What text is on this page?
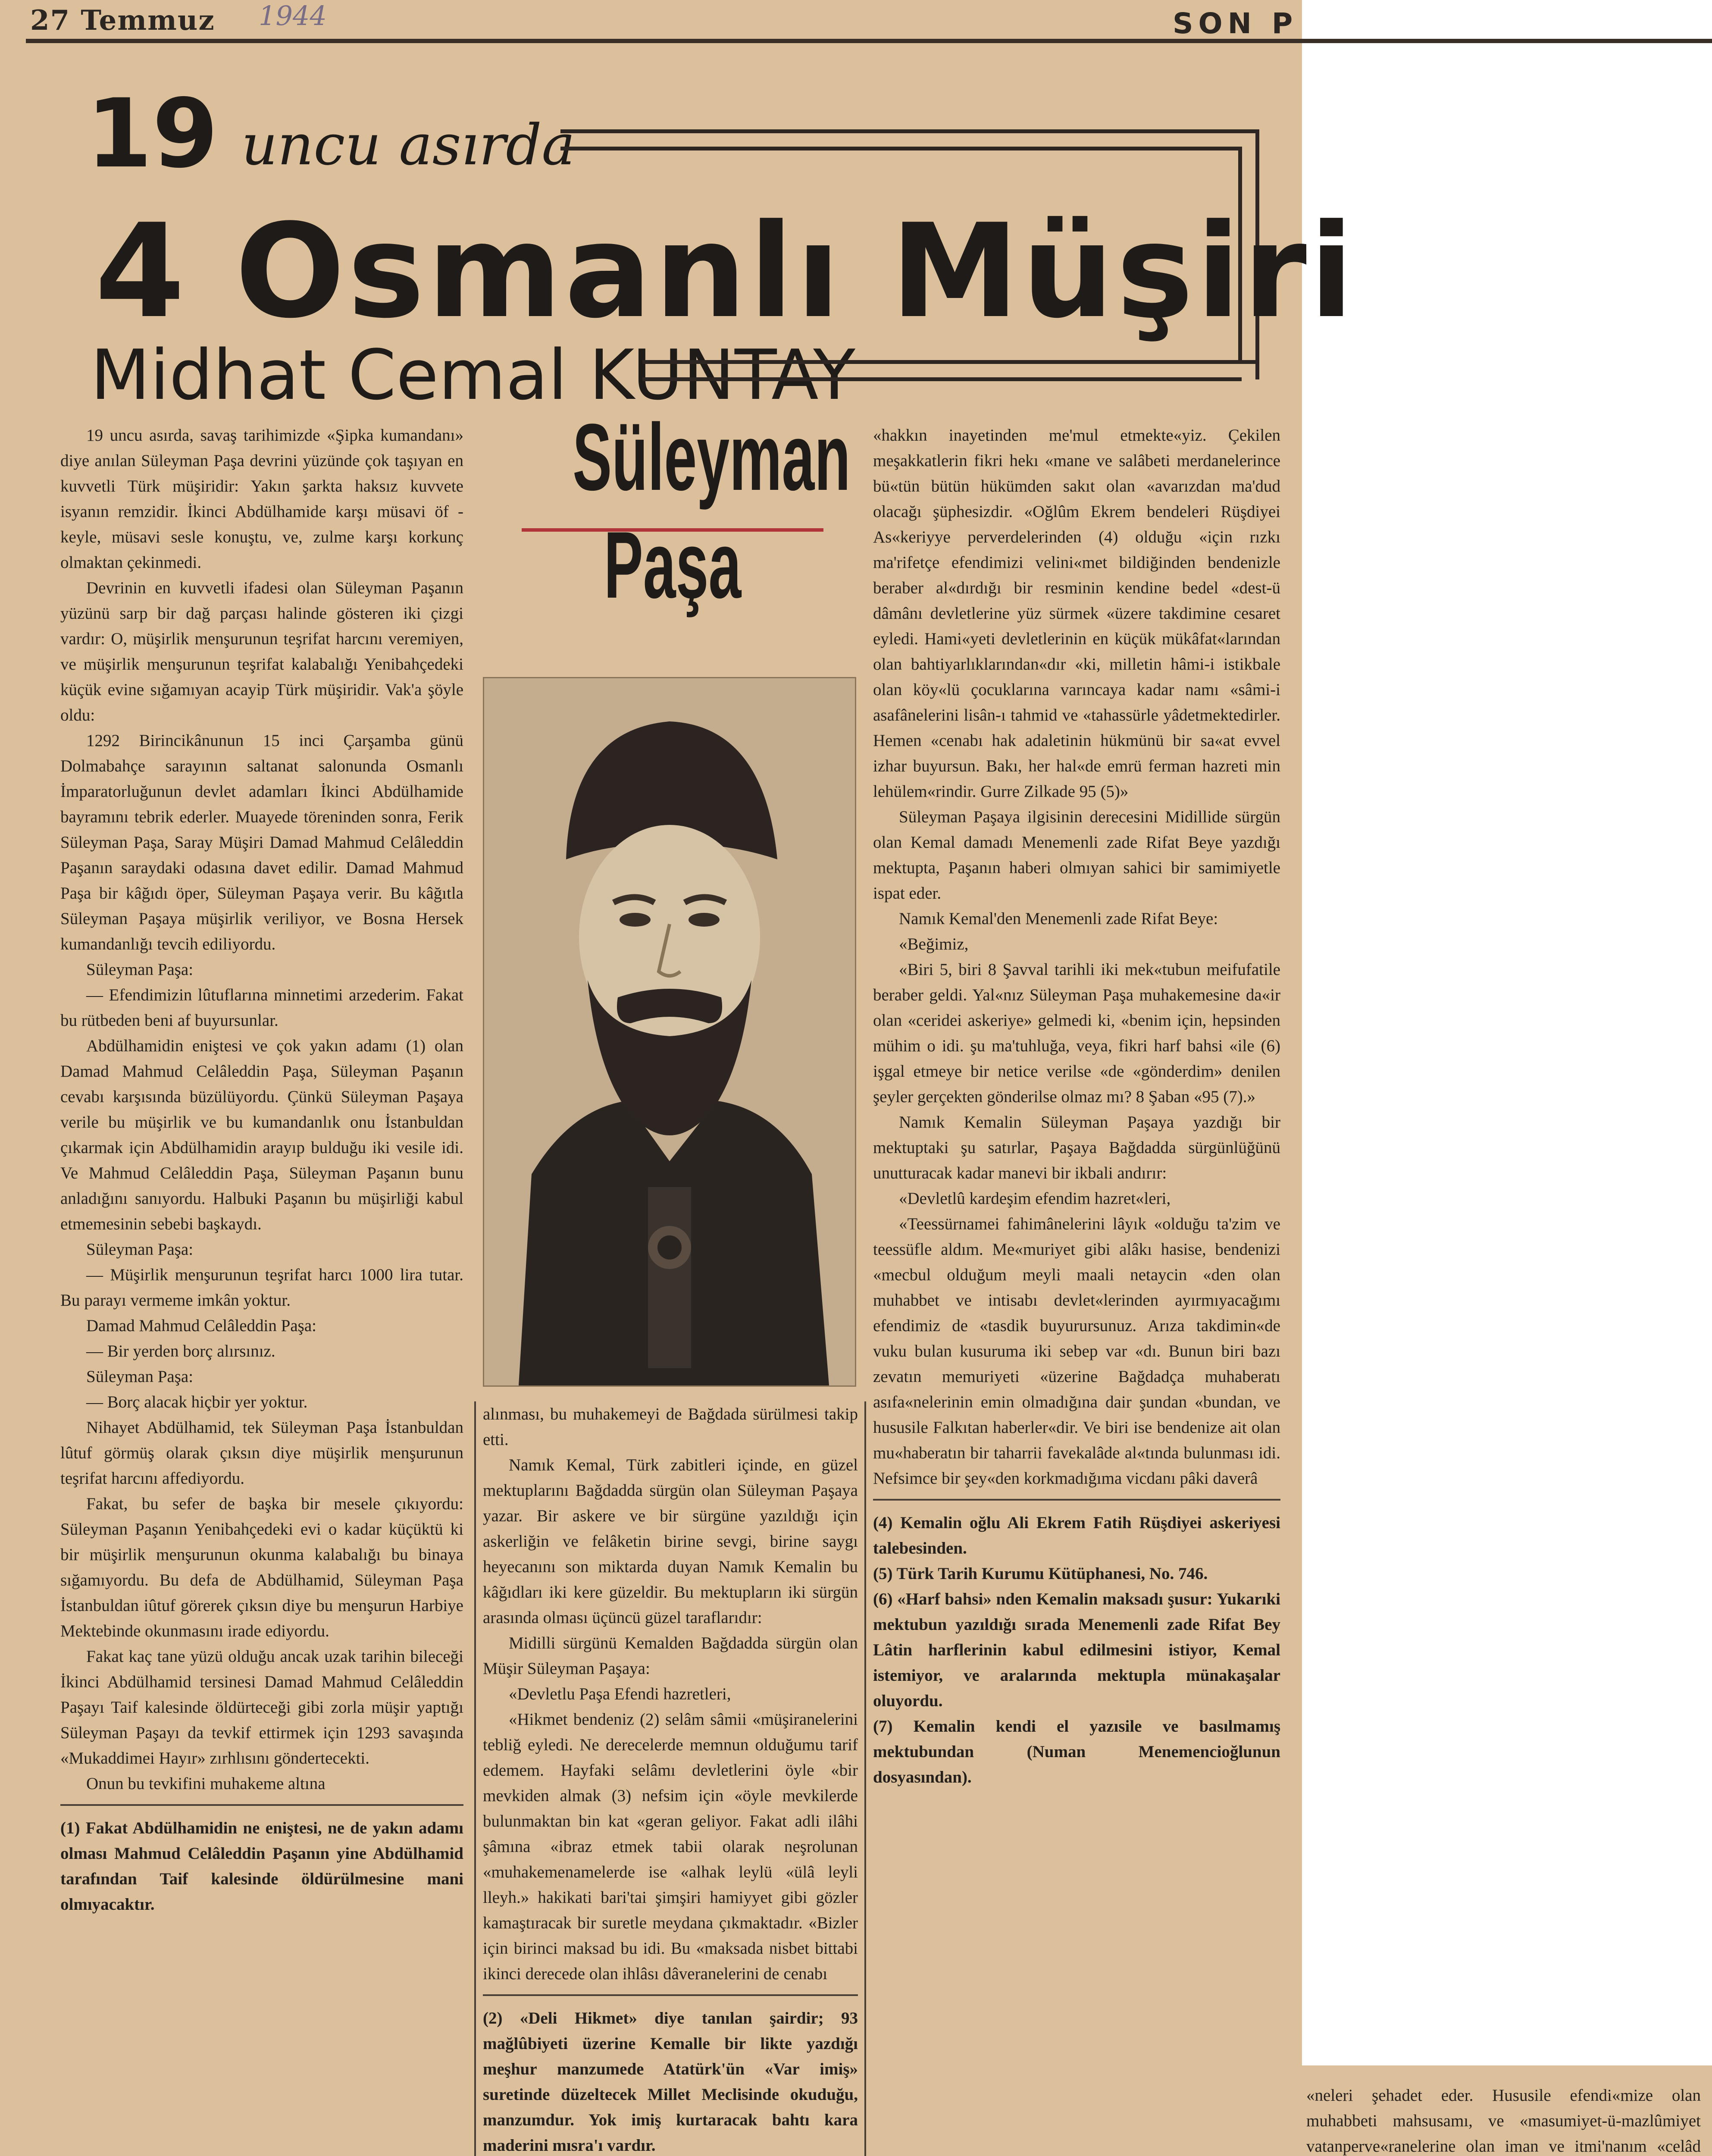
27 Temmuz 1944	SON P
19 uncu asırda
4 Osmanlı Müşiri
Midhat Cemal KUNTAY
Süleyman
Paşa

19 uncu asırda, savaş tarihimizde «Şipka kumandanı» diye anılan Süleyman Paşa devrini yüzünde çok taşıyan en kuvvetli Türk müşiridir: Yakın şarkta haksız kuvvete isyanın remzidir. İkinci Abdülhamide karşı müsavi öf - keyle, müsavi sesle konuştu, ve, zulme karşı korkunç olmaktan çekinmedi.

Devrinin en kuvvetli ifadesi olan Süleyman Paşanın yüzünü sarp bir dağ parçası halinde gösteren iki çizgi vardır: O, müşirlik menşurunun teşrifat harcını veremiyen, ve müşirlik menşurunun teşrifat kalabalığı Yenibahçedeki küçük evine sığamıyan acayip Türk müşiridir. Vak'a şöyle oldu:

1292 Birincikânunun 15 inci Çarşamba günü Dolmabahçe sarayının saltanat salonunda Osmanlı İmparatorluğunun devlet adamları İkinci Abdülhamide bayramını tebrik ederler. Muayede töreninden sonra, Ferik Süleyman Paşa, Saray Müşiri Damad Mahmud Celâleddin Paşanın saraydaki odasına davet edilir. Damad Mahmud Paşa bir kâğıdı öper, Süleyman Paşaya verir. Bu kâğıtla Süleyman Paşaya müşirlik veriliyor, ve Bosna Hersek kumandanlığı tevcih ediliyordu.

Süleyman Paşa:

— Efendimizin lûtuflarına minnetimi arzederim. Fakat bu rütbeden beni af buyursunlar.

Abdülhamidin eniştesi ve çok yakın adamı (1) olan Damad Mahmud Celâleddin Paşa, Süleyman Paşanın cevabı karşısında büzülüyordu. Çünkü Süleyman Paşaya verile bu müşirlik ve bu kumandanlık onu İstanbuldan çıkarmak için Abdülhamidin arayıp bulduğu iki vesile idi. Ve Mahmud Celâleddin Paşa, Süleyman Paşanın bunu anladığını sanıyordu. Halbuki Paşanın bu müşirliği kabul etmemesinin sebebi başkaydı.

Süleyman Paşa:

— Müşirlik menşurunun teşrifat harcı 1000 lira tutar. Bu parayı vermeme imkân yoktur.

Damad Mahmud Celâleddin Paşa:

— Bir yerden borç alırsınız.

Süleyman Paşa:

— Borç alacak hiçbir yer yoktur.

Nihayet Abdülhamid, tek Süleyman Paşa İstanbuldan lûtuf görmüş olarak çıksın diye müşirlik menşurunun teşrifat harcını affediyordu.

Fakat, bu sefer de başka bir mesele çıkıyordu: Süleyman Paşanın Yenibahçedeki evi o kadar küçüktü ki bir müşirlik menşurunun okunma kalabalığı bu binaya sığamıyordu. Bu defa de Abdülhamid, Süleyman Paşa İstanbuldan iûtuf görerek çıksın diye bu menşurun Harbiye Mektebinde okunmasını irade ediyordu.

Fakat kaç tane yüzü olduğu ancak uzak tarihin bileceği İkinci Abdülhamid tersinesi Damad Mahmud Celâleddin Paşayı Taif kalesinde öldürteceği gibi zorla müşir yaptığı Süleyman Paşayı da tevkif ettirmek için 1293 savaşında «Mukaddimei Hayır» zırhlısını göndertecekti.

Onun bu tevkifini muhakeme altına

(1) Fakat Abdülhamidin ne eniştesi, ne de yakın adamı olması Mahmud Celâleddin Paşanın yine Abdülhamid tarafından Taif kalesinde öldürülmesine mani olmıyacaktır.

alınması, bu muhakemeyi de Bağdada sürülmesi takip etti.

Namık Kemal, Türk zabitleri içinde, en güzel mektuplarını Bağdadda sürgün olan Süleyman Paşaya yazar. Bir askere ve bir sürgüne yazıldığı için askerliğin ve felâketin birine sevgi, birine saygı heyecanını son miktarda duyan Namık Kemalin bu kâğıdları iki kere güzeldir. Bu mektupların iki sürgün arasında olması üçüncü güzel taraflarıdır:

Midilli sürgünü Kemalden Bağdadda sürgün olan Müşir Süleyman Paşaya:

«Devletlu Paşa Efendi hazretleri,

«Hikmet bendeniz (2) selâm sâmii «müşiranelerini tebliğ eyledi. Ne derecelerde memnun olduğumu tarif edemem. Hayfaki selâmı devletlerini öyle «bir mevkiden almak (3) nefsim için «öyle mevkilerde bulunmaktan bin kat «geran geliyor. Fakat adli ilâhi şâmına «ibraz etmek tabii olarak neşrolunan «muhakemenamelerde ise «alhak leylü «ülâ leyli lleyh.» hakikati bari'tai şimşiri hamiyyet gibi gözler kamaştıracak bir suretle meydana çıkmaktadır. «Bizler için birinci maksad bu idi. Bu «maksada nisbet bittabi ikinci derecede olan ihlâsı dâveranelerini de cenabı

(2) «Deli Hikmet» diye tanılan şairdir; 93 mağlûbiyeti üzerine Kemalle bir likte yazdığı meşhur manzumede Atatürk'ün «Var imiş» suretinde düzeltecek Millet Meclisinde okuduğu, manzumdur. Yok imiş kurtaracak bahtı kara maderini mısra'ı vardır.

«hakkın inayetinden me'mul etmekte«yiz. Çekilen meşakkatlerin fikri hekı «mane ve salâbeti merdanelerince bü«tün bütün hükümden sakıt olan «avarızdan ma'dud olacağı şüphesizdir. «Oğlûm Ekrem bendeleri Rüşdiyei As«keriyye perverdelerinden (4) olduğu «için rızkı ma'rifetçe efendimizi velini«met bildiğinden bendenizle beraber al«dırdığı bir resminin kendine bedel «dest-ü dâmânı devletlerine yüz sürmek «üzere takdimine cesaret eyledi. Hami«yeti devletlerinin en küçük mükâfat«larından olan bahtiyarlıklarından«dır «ki, milletin hâmi-i istikbale olan köy«lü çocuklarına varıncaya kadar namı «sâmi-i asafânelerini lisân-ı tahmid ve «tahassürle yâdetmektedirler. Hemen «cenabı hak adaletinin hükmünü bir sa«at evvel izhar buyursun. Bakı, her hal«de emrü ferman hazreti min lehülem«rindir. Gurre Zilkade 95 (5)»

Süleyman Paşaya ilgisinin derecesini Midillide sürgün olan Kemal damadı Menemenli zade Rifat Beye yazdığı mektupta, Paşanın haberi olmıyan sahici bir samimiyetle ispat eder.

Namık Kemal'den Menemenli zade Rifat Beye:

«Beğimiz,

«Biri 5, biri 8 Şavval tarihli iki mek«tubun meifufatile beraber geldi. Yal«nız Süleyman Paşa muhakemesine da«ir olan «ceridei askeriye» gelmedi ki, «benim için, hepsinden mühim o idi. şu ma'tuhluğa, veya, fikri harf bahsi «ile (6) işgal etmeye bir netice verilse «de «gönderdim» denilen şeyler gerçekten gönderilse olmaz mı? 8 Şaban «95 (7).»

Namık Kemalin Süleyman Paşaya yazdığı bir mektuptaki şu satırlar, Paşaya Bağdadda sürgünlüğünü unutturacak kadar manevi bir ikbali andırır:

«Devletlû kardeşim efendim hazret«leri,

«Teessürnamei fahimânelerini lâyık «olduğu ta'zim ve teessüfle aldım. Me«muriyet gibi alâkı hasise, bendenizi «mecbul olduğum meyli maali netaycin «den olan muhabbet ve intisabı devlet«lerinden ayırmıyacağımı efendimiz de «tasdik buyurursunuz. Arıza takdimin«de vuku bulan kusuruma iki sebep var «dı. Bunun biri bazı zevatın memuriyeti «üzerine Bağdadça muhaberatı asıfa«nelerinin emin olmadığına dair şundan «bundan, ve hususile Falkıtan haberler«dir. Ve biri ise bendenize ait olan mu«haberatın bir taharrii favekalâde al«tında bulunması idi. Nefsimce bir şey«den korkmadığıma vicdanı pâki daverâ

(4) Kemalin oğlu Ali Ekrem Fatih Rüşdiyei askeriyesi talebesinden.

(5) Türk Tarih Kurumu Kütüphanesi, No. 746.

(6) «Harf bahsi» nden Kemalin maksadı şusur: Yukarıki mektubun yazıldığı sırada Menemenli zade Rifat Bey Lâtin harflerinin kabul edilmesini istiyor, Kemal istemiyor, ve aralarında mektupla münakaşalar oluyordu.

(7) Kemalin kendi el yazısile ve basılmamış mektubundan (Numan Menemencioğlunun dosyasından).

«neleri şehadet eder. Hususile efendi«mize olan muhabbeti mahsusamı, ve «masumiyet-ü-mazlûmiyet vatanperve«ranelerine olan iman ve itmi'nanım «celâd
